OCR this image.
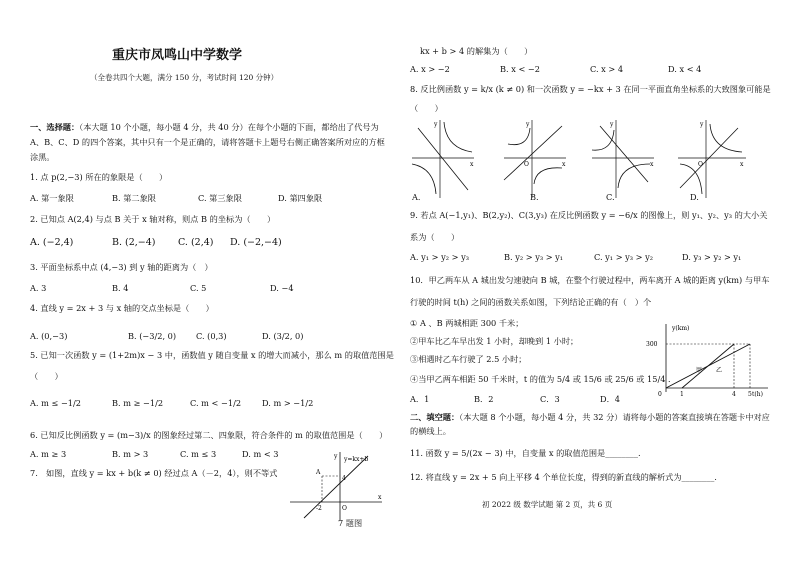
重庆市凤鸣山中学数学
（全卷共四个大题，满分 150 分，考试时间 120 分钟）
一、选择题：（本大题 10 个小题，每小题 4 分，共 40 分）在每个小题的下面，都给出了代号为 A、B、C、D 的四个答案，其中只有一个是正确的，请将答题卡上题号右侧正确答案所对应的方框涂黑。
1. 点 p(2,−3) 所在的象限是（　　）
A. 第一象限	B. 第二象限	C. 第三象限	D. 第四象限
2. 已知点 A(2,4) 与点 B 关于 x 轴对称，则点 B 的坐标为（　　）
A. (−2,4)	B. (2,−4) C. (2,4) D. (−2,−4)
3. 平面坐标系中点 (4,−3) 到 y 轴的距离为（　）
A. 3	B. 4	C. 5	D. −4
4. 直线 y = 2x + 3 与 x 轴的交点坐标是（　　）
A. (0,−3)	B. (−3/2, 0) C. (0,3)	D. (3/2, 0)
5. 已知一次函数 y = (1+2m)x − 3 中，函数值 y 随自变量 x 的增大而减小，那么 m 的取值范围是
（　　）
A. m ≤ −1/2	B. m ≥ −1/2	C. m < −1/2	D. m > −1/2
6. 已知反比例函数 y = (m−3)/x 的图象经过第二、四象限，符合条件的 m 的取值范围是（　　）
A. m ≥ 3	B. m > 3	C. m ≤ 3	D. m < 3
7.　如图，直线 y = kx + b(k ≠ 0) 经过点 A（－2，4），则不等式
y=kx+b
A
4
-2	O
y
x
7 题图
kx + b > 4 的解集为（　　）
A. x > −2	B. x < −2	C. x > 4	D. x < 4
8. 反比例函数 y = k/x (k ≠ 0) 和一次函数 y = −kx + 3 在同一平面直角坐标系的大致图象可能是
（　　）
y
x
y
x
O
y
x
y
x
O
A．	B.	C.	D.
9. 若点 A(−1,y₁)、B(2,y₂)、C(3,y₃) 在反比例函数 y = −6/x 的图像上，则 y₁、y₂、y₃ 的大小关
系为（　　）
A. y₁ > y₂ > y₃	B. y₂ > y₃ > y₁	C. y₁ > y₃ > y₂	D. y₃ > y₂ > y₁
10．甲乙两车从 A 城出发匀速驶向 B 城，在整个行驶过程中，两车离开 A 城的距离 y(km) 与甲车
行驶的时间 t(h) 之间的函数关系如图，下列结论正确的有（　）个
① A 、B 两城相距 300 千米；
②甲车比乙车早出发 1 小时，却晚到 1 小时；
③相遇时乙车行驶了 2.5 小时；
④当甲乙两车相距 50 千米时，t 的值为 5/4 或 15/6 或 25/6 或 15/4 ．
A．1	B．2	C．3	D．4
y(km)
t(h)
300
0	1	4 5
甲 乙
二、填空题：（本大题 8 个小题，每小题 4 分，共 32 分）请将每小题的答案直接填在答题卡中对应的横线上。
11. 函数 y = 5/(2x − 3) 中，自变量 x 的取值范围是________.
12. 将直线 y = 2x + 5 向上平移 4 个单位长度，得到的新直线的解析式为________.
初 2022 级 数学试题 第 2 页，共 6 页
